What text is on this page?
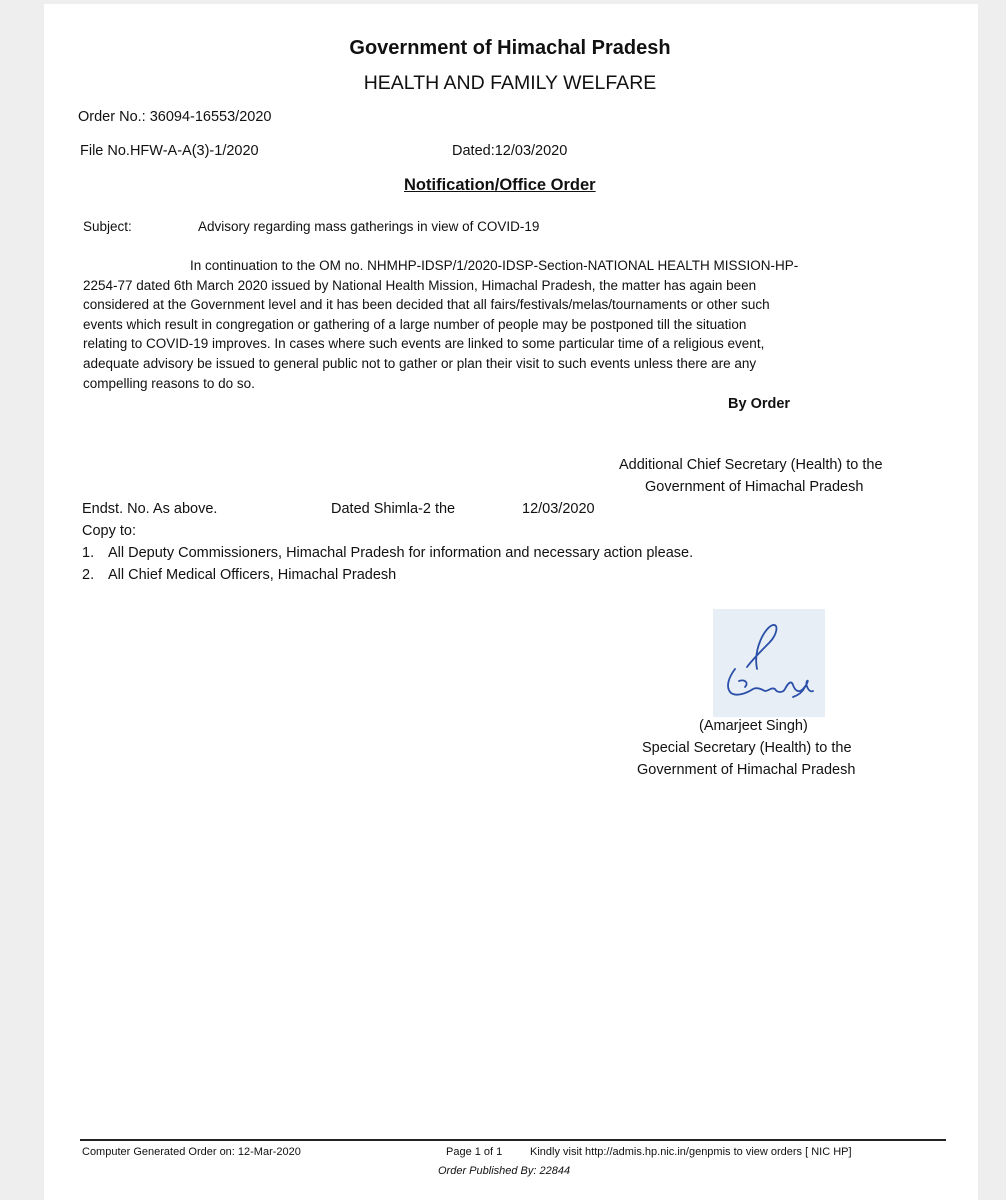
Government of Himachal Pradesh
HEALTH AND FAMILY WELFARE
Order No.: 36094-16553/2020
File No.HFW-A-A(3)-1/2020	Dated:12/03/2020
Notification/Office Order
Subject:	Advisory regarding mass gatherings in view of COVID-19
In continuation to the OM no. NHMHP-IDSP/1/2020-IDSP-Section-NATIONAL HEALTH MISSION-HP-
2254-77 dated 6th March 2020 issued by National Health Mission, Himachal Pradesh, the matter has again been
considered at the Government level and it has been decided that all fairs/festivals/melas/tournaments or other such
events which result in congregation or gathering of a large number of people may be postponed till the situation
relating to COVID-19 improves. In cases where such events are linked to some particular time of a religious event,
adequate advisory be issued to general public not to gather or plan their visit to such events unless there are any
compelling reasons to do so.
By Order
Additional Chief Secretary (Health) to the
Government of Himachal Pradesh
Endst. No. As above.	Dated Shimla-2 the	12/03/2020
Copy to:
1. All Deputy Commissioners, Himachal Pradesh for information and necessary action please.
2. All Chief Medical Officers, Himachal Pradesh
Rajeev
(Amarjeet Singh)
Special Secretary (Health) to the
Government of Himachal Pradesh
Computer Generated Order on: 12-Mar-2020	Page 1 of 1	Kindly visit http://admis.hp.nic.in/genpmis to view orders [ NIC HP]
Order Published By: 22844
